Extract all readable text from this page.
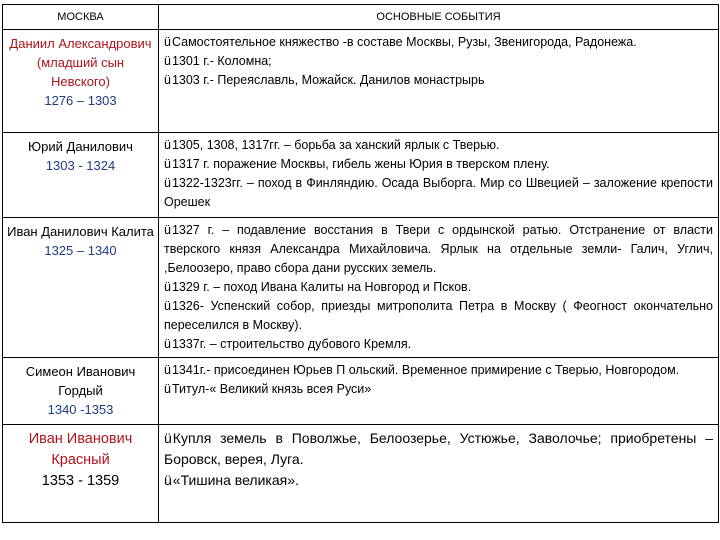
МОСКВА	ОСНОВНЫЕ СОБЫТИЯ

Даниил Александрович (младший сын Невского)
1276 – 1303	üСамостоятельное княжество -в составе Москвы, Рузы, Звенигорода, Радонежа.
ü1301 г.- Коломна;
ü1303 г.- Переяславль, Можайск. Данилов монастрырь

Юрий Данилович
1303 - 1324	ü1305, 1308, 1317гг. – борьба за ханский ярлык с Тверью.
ü1317 г. поражение Москвы, гибель жены Юрия в тверском плену.
ü1322-1323гг. – поход в Финляндию. Осада Выборга. Мир со Швецией – заложение крепости Орешек

Иван Данилович Калита
1325 – 1340	ü1327 г. – подавление восстания в Твери с ордынской ратью. Отстранение от власти тверского князя Александра Михайловича. Ярлык на отдельные земли- Галич, Углич, ,Белоозеро, право сбора дани русских земель.
ü1329 г. – поход Ивана Калиты на Новгород и Псков.
ü1326- Успенский собор, приезды митрополита Петра в Москву ( Феогност окончательно переселился в Москву).
ü1337г. – строительство дубового Кремля.

Симеон Иванович Гордый
1340 -1353	ü1341г.- присоединен Юрьев П ольский. Временное примирение с Тверью, Новгородом.
üТитул-« Великий князь всея Руси»

Иван Иванович Красный
1353 - 1359	üКупля земель в Поволжье, Белоозерье, Устюжье, Заволочье; приобретены –Боровск, верея, Луга.
ü«Тишина великая».
